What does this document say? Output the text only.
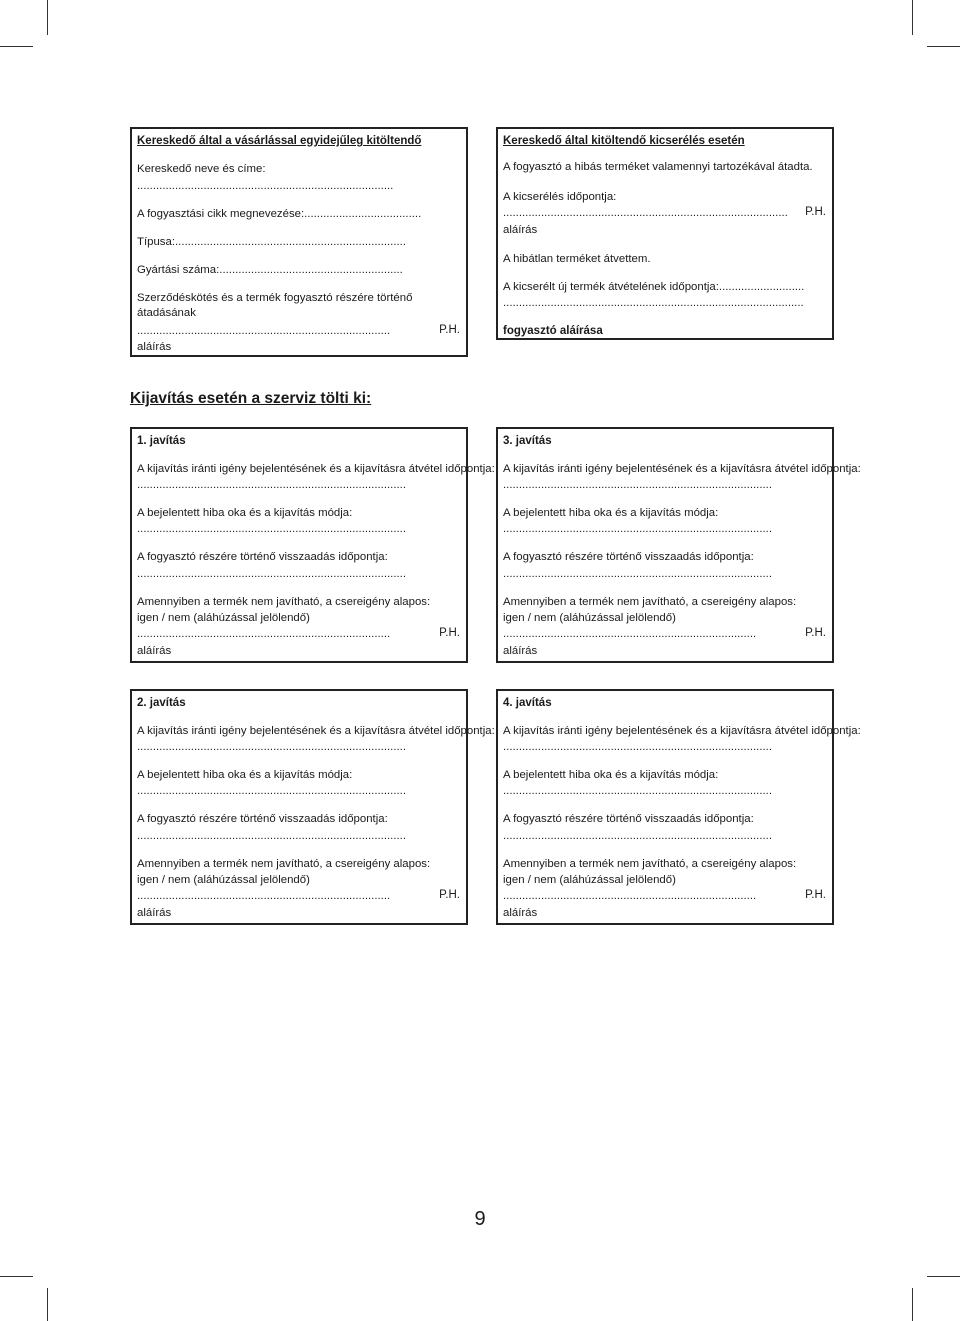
Kereskedő által a vásárlással egyidejűleg kitöltendő
Kereskedő neve és címe:
.................................................................................
A fogyasztási cikk megnevezése:.....................................
Típusa:.........................................................................
Gyártási száma:..........................................................
Szerződéskötés és a termék fogyasztó részére történő átadásának
................................................................................	P.H.
aláírás
Kereskedő által kitöltendő kicserélés esetén
A fogyasztó a hibás terméket valamennyi tartozékával átadta.
A kicserélés időpontja:
..........................................................................................	P.H.
aláírás
A hibátlan terméket átvettem.
A kicserélt új termék átvételének időpontja:...........................
...............................................................................................
fogyasztó aláírása
Kijavítás esetén a szerviz tölti ki:
1. javítás
A kijavítás iránti igény bejelentésének és a kijavításra átvétel időpontja:
.....................................................................................
A bejelentett hiba oka és a kijavítás módja:
.....................................................................................
A fogyasztó részére történő visszaadás időpontja:
.....................................................................................
Amennyiben a termék nem javítható, a csereigény alapos:
igen / nem (aláhúzással jelölendő)
................................................................................
aláírás
P.H.
3. javítás
A kijavítás iránti igény bejelentésének és a kijavításra átvétel időpontja:
.....................................................................................
A bejelentett hiba oka és a kijavítás módja:
.....................................................................................
A fogyasztó részére történő visszaadás időpontja:
.....................................................................................
Amennyiben a termék nem javítható, a csereigény alapos:
igen / nem (aláhúzással jelölendő)
................................................................................
aláírás
P.H.
2. javítás
A kijavítás iránti igény bejelentésének és a kijavításra átvétel időpontja:
.....................................................................................
A bejelentett hiba oka és a kijavítás módja:
.....................................................................................
A fogyasztó részére történő visszaadás időpontja:
.....................................................................................
Amennyiben a termék nem javítható, a csereigény alapos:
igen / nem (aláhúzással jelölendő)
................................................................................
aláírás
P.H.
4. javítás
A kijavítás iránti igény bejelentésének és a kijavításra átvétel időpontja:
.....................................................................................
A bejelentett hiba oka és a kijavítás módja:
.....................................................................................
A fogyasztó részére történő visszaadás időpontja:
.....................................................................................
Amennyiben a termék nem javítható, a csereigény alapos:
igen / nem (aláhúzással jelölendő)
................................................................................
aláírás
P.H.
9
